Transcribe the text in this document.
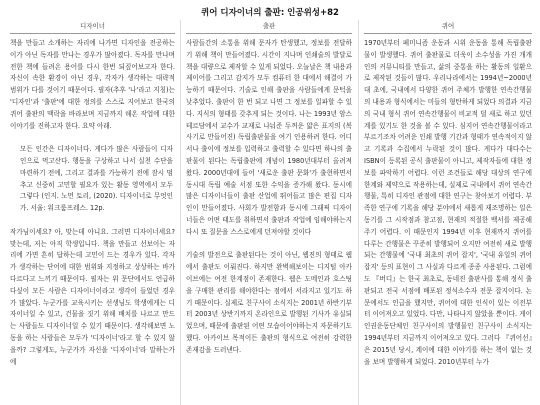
퀴어 디자이너의 출판: 인공위성+82
디자이너

책을 만들고 소개하는 자리에 나가면 디자인을 전공하는 이가 아닌 독자를 만나는 경우가 많아졌다. 독자를 만나며 전한 책에 들려온 용어를 다시 한번 되짚어보고자 한다. 자신이 속한 환경이 아닌 경우, 각자가 생각하는 대략적 범위가 다를 것이기 때문이다. 필자(추후 '나'라고 지칭)는 '디자인'과 '출판'에 대한 정의를 스스로 지어보고 한국의 퀴어 출판의 맥락을 바라보며 지금까지 해온 작업에 대한 이야기를 진하고자 한다. 요약 아래.

모든 인간은 디자이너다. 게다가 많은 사람들이 디자인으로 먹고산다. 행동을 구상하고 나서 실천 수단을 마련하기 전에, 그리고 결과를 가능하기 전에 잠시 멈추고 신중히 고민할 필요가 있는 활동 영역에서 모두 그렇다 (인지. 노먼 토리, (2020). 디자이너로 무엇인가. 서울: 워크룸프레스. 12p.

작가님이세요? 아, 맞는데 아니요. 그러면 디자이너세요? 맞는데, 저는 아직 학생입니다. 책을 만들고 선보이는 자리에 가면 흔히 답하는데 고민이 드는 경우가 있다. 각자가 생각하는 단어에 대한 범위와 지정하고 상상하는 바가 다르다고 느끼기 때문이다. 필자는 위 문단에서도 언급하다싶이 모든 사람은 디자이너이라고 생각이 들었던 경우가 많았다. 누군가를 교육시키는 선생님도 학생에게는 디자이너일 수 있고, 건물을 짓기 위해 배치를 나르고 만드는 사람들도 디자이너일 수 있기 때문이다. 생각해보면 노동을 하는 사람들은 모두가 '디자이너'라고 할 수 있지 않을까? 그렇게도, 누군가가 자신을 '디자이너'라 말하는가에

출판

사람들간의 소통을 위해 문자가 탄생했고, 정보를 전달하기 위해 책이 만들어졌다. 시간이 지나며 인쇄술의 발달로 책을 대량으로 제작할 수 있게 되었다. 오늘날은 책 내용과 제이어를 그리고 감지가 모두 컴퓨터 한 대에서 해결이 가능하기 때문이다. 기술로 인해 출판을 사람들에게 문턱을 낮추었다. 출판이 한 번 되고 나면 그 정보를 일파할 수 있다. 지식의 형태를 갖추게 되는 것이다. 나는 1993년 암스테르담에서 교수가 교재로 나눠준 두꺼운 얇은 표지의 (복사기로 만들어진) 독립출판물을 여기 인용하려 한다. 어디서나 출이에 정보를 입력하고 출력할 수 있다면 하나의 출판물이 된다는 독립출판에 개념이 1980년대부터 올려져왔다. 2000년대에 들어 '새로운 출판 문화'가 출현하면서 동시대 독립 예술 서점 또한 수익을 증가해 왔다. 동시에 많은 디자이너들이 출판 산업에 뛰어들고 많은 편집 디자인이 만들어졌다. 사회가 발전함과 동시에 그래픽 디자이너들은 어떤 태도를 취하면서 출판과 작업에 임해야하는지 다시 또 질문을 스스로에게 던져야할 것이다

기술의 발전으로 출판된다는 것이 아닌, 웹진의 형태로 웹에서 출판도 이뤄진다. 하지만 완벽해보이는 디지털 아카이브에는 여전 한계점이 존재한다. 웹은 도메인과 호스팅을 구매한 관리를 해야한다는 점에서 서라지고 있기도 하기 때문이다. 실제로 친구사이 소식지는 2001년 하반기부터 2003년 상반기까지 온라인으로 발행된 기사가 유실되었으며, 때문에 출판된 어떤 모습이어야하는지 자문하기도 했다. 아카이브 목적이든 출판의 형식으로 여전히 강력한 존재감을 드러낸다.

퀴어

1970년부터 페미니즘 운동과 시위 운동을 통해 독립출판물이 발생했다. 퀴어 출판물로 더욱이 소수성을 가진 개개인의 커뮤니티를 만들고, 삶의 중통을 하는 활동의 일환으로 제작된 것들이 많다. 우리나라에서는 1994년~2000년대 초에, 국내에서 다양한 퀴어 주체가 발행한 연속간행물의 내용과 형식에서는 미들의 형탄하게 되었다 의결과 지금의 국내 형식 퀴어 연속간행물이 비교적 덜 새로 하고 있던 계를 있기도 한 것을 볼 수 있다. 심지어 연속간행물이라고 부르기조차 어려운 인쇄 발행 기간과 형태가 연속적이지 않고 기록과 수집에서 누락된 것이 많다. 게다가 대다수는 ISBN이 등록된 공식 출판물이 아니고, 제작자들에 대한 정보를 파악하기 어렵다. 이런 조건들로 해당 대상의 연구에 한계와 제약으로 작용하는데, 실제로 국내에서 퀴어 연속간행물, 특히 디자인 관점에 대한 연구는 찾아보기 어렵다. 부족한 연구에 기록을 해당 분야에서 새롭게 재조명하는 일은 동기를 그 시작점과 참고점, 현재의 적절한 백서를 제공해 주기 어렵다. 이 때문인지 1994년 이후 현재까지 퀴어를 다루는 간행물은 꾸준히 발행되어 오지만 여전히 새로 발행되는 간행물에 '국내 최초의 퀴어 잡지', '국내 유일의 퀴어 잡지' 등의 표현이 그 사실과 다르게 종종 사용된다. 그럼에도 『버디』는 한국 최초로, 동네진 출판사를 통해 정식 출판되고 전국 서점에 배포된 정석소수자 전문 잡지이다. 논문에서도 인급을 했지만, 퀴어에 대한 인식이 있는 이전부터 이어져오고 있었다. 다만, 나타나지 않았을 뿐이다. 게이 인권운동단체인 친구사이의 발행물인 친구사이 소식지는 1994년부터 지금까지 이어져오고 있다. 그러다 『퀴어선』은 2015년 당시, 계이에 대한 이야기를 하는 책이 없는 것을 보며 발행하게 되었다. 2010년부터 누가
